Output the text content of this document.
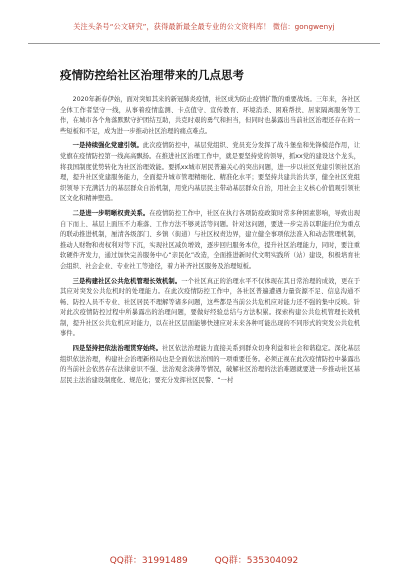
关注头条号“公文研究”，获得最新最全最专业的公文资料库！ 微信：gongwenyj
疫情防控给社区治理带来的几点思考

2020年新春伊始，面对突如其来的新冠肺炎疫情，社区成为防止疫情扩散的重要战场。三年来，各社区全体工作者坚守一线，从事着疫情监测、卡点值守、宣传教育、环境消杀、困难帮扶、居家隔离服务等工作，在城市各个角落默默守护团结互助，共克时艰的勇气和担当，但同时也暴露出当前社区治理还存在的一些短板和不足，成为进一步推动社区治理的痛点难点。

一是持续强化党建引领。此次疫情防控中，基层党组织、党员充分发挥了战斗堡垒和先锋模范作用，让党旗在疫情防控第一线高高飘扬。在推进社区治理工作中，就是要坚持党的领导，抓xx党的建设这个龙头，将我国制度优势转化为社区治理效能。要抓xx城市居民普遍关心的突出问题，进一步以社区党建引领社区治理，提升社区党建服务能力，全面提升城市管理精细化、精准化水平；要坚持共建共治共享，健全社区党组织领导下充满活力的基层群众自治机制，用党内基层民主带动基层群众自治，用社会主义核心价值观引领社区文化和精神塑造。

二是进一步明晰权责关系。在疫情防控工作中，社区在执行各项防疫政策时常多种困素影响，导致出现自下而上、基层上面压不力难落、工作方法不够灵活等问题。针对这问题，要进一步完善以职能归位为重点的联动推进机制，厘清各级部门、乡镇（街道）与社区权责边界，建立健全事项依法准入和动态管理机制，推动人财物和责权利对等下沉，实现社区减负增效，逐步回归服务本位，提升社区治理能力，同时，要注重软硬件齐发力，通过加快完善服务中心“亲民化”改造，全面推进新时代文明实践所（站）建设，积极培育社会组织、社会企业、专业社工等途径，着力补齐社区服务及治理短板。

三是构建社区公共危机管理长效机制。一个社区真正的治理水平不仅体现在其日常治理的成效，更在于其应对突发公共危机时的处理能力。在此次疫情防控工作中，各社区普遍遭遇力量资源不足、信息沟通不畅、防控人员不专业、社区居民不理解等诸多问题，这些都是当前公共危机应对能力还不强的集中反映。针对此次疫情防控过程中所暴露出的治理问题，要做好经验总结与方法积累。探索构建公共危机管理长效机制，提升社区公共危机应对能力，以在社区层面能够快速应对未来各种可能出现的不同形式的突发公共危机事件。

四是坚持把依法治理贯穿始终。社区依法治理能力直接关系到群众切身利益和社会和谐稳定。深化基层组织依法治理，构建社会治理新格局也是全面依法治国的一项重要任务。必须正视在此次疫情防控中暴露出的当前社会依然存在法律意识不强、法治观念淡薄等情况，破解社区治理的法治难题就要进一步推动社区基层民主法治建设制度化、规范化；要充分发挥社区民警、“一村

QQ群：31991489	QQ群：535304092
